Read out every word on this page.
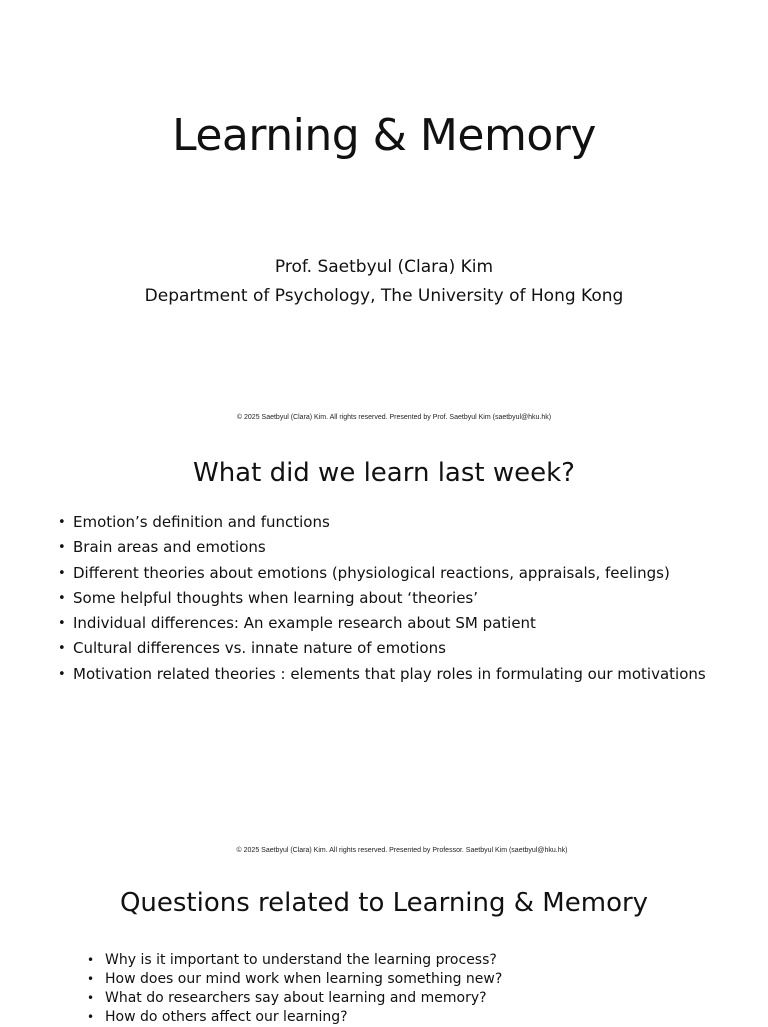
Learning & Memory
Prof. Saetbyul (Clara) Kim
Department of Psychology, The University of Hong Kong
© 2025 Saetbyul (Clara) Kim. All rights reserved. Presented by Prof. Saetbyul Kim (saetbyul@hku.hk)
What did we learn last week?
• Emotion’s definition and functions
• Brain areas and emotions
• Different theories about emotions (physiological reactions, appraisals, feelings)
• Some helpful thoughts when learning about ‘theories’
• Individual differences: An example research about SM patient
• Cultural differences vs. innate nature of emotions
• Motivation related theories : elements that play roles in formulating our motivations
© 2025 Saetbyul (Clara) Kim. All rights reserved. Presented by Professor. Saetbyul Kim (saetbyul@hku.hk)
Questions related to Learning & Memory
• Why is it important to understand the learning process?
• How does our mind work when learning something new?
• What do researchers say about learning and memory?
• How do others affect our learning?
